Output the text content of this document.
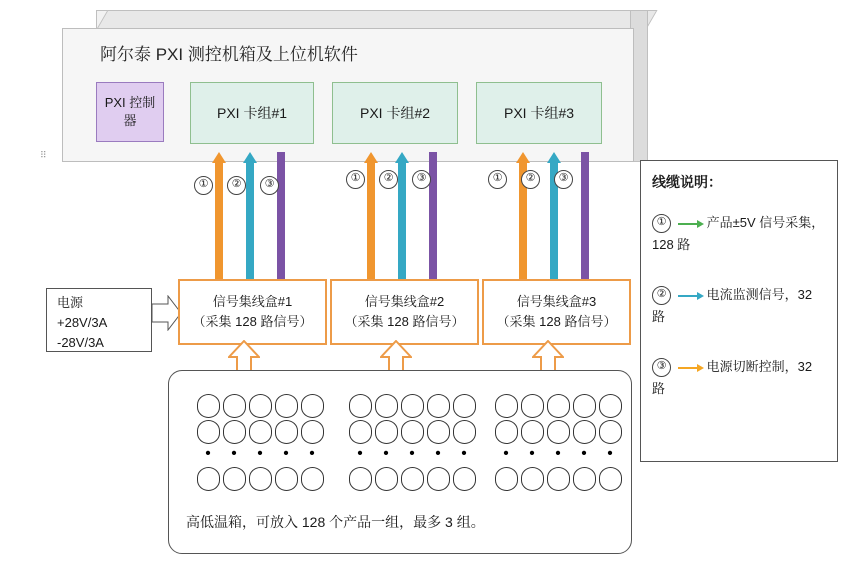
阿尔泰 PXI 测控机箱及上位机软件
PXI 控制器	PXI 卡组#1	PXI 卡组#2	PXI 卡组#3
⠿
①	②	③	①	②	③	①	②	③
电源
+28V/3A
-28V/3A
信号集线盒#1
（采集 128 路信号）
信号集线盒#2
（采集 128 路信号）
信号集线盒#3
（采集 128 路信号）
•	•	•	•	•	•	•	•	•	•	•	•	•	•	•
高低温箱，可放入 128 个产品一组，最多 3 组。
线缆说明：
①	产品±5V 信号采集，128 路
②	电流监测信号，32 路
③	电源切断控制，32 路
